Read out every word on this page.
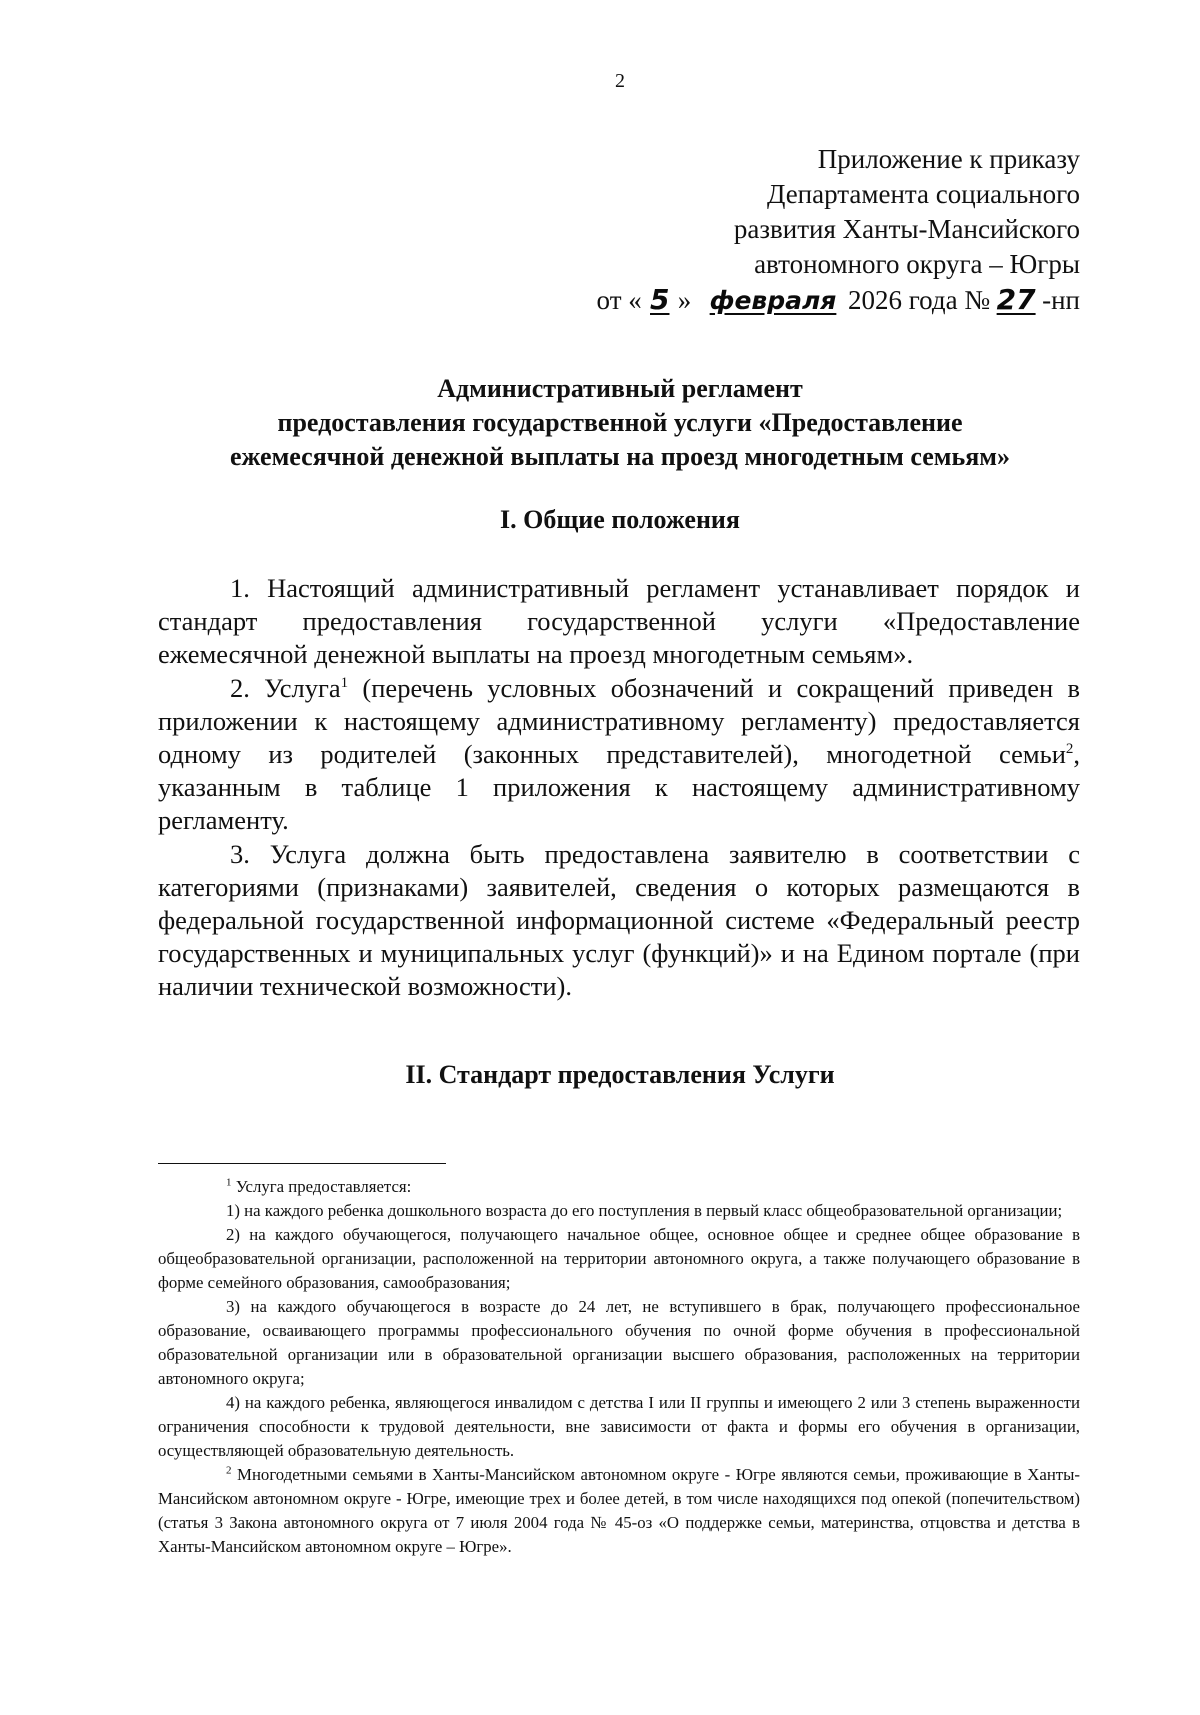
2
Приложение к приказу
Департамента социального
развития Ханты-Мансийского
автономного округа – Югры
от « 5 » февраля 2026 года № 27 -нп
Административный регламент
предоставления государственной услуги «Предоставление
ежемесячной денежной выплаты на проезд многодетным семьям»
I. Общие положения

1. Настоящий административный регламент устанавливает порядок и стандарт предоставления государственной услуги «Предоставление ежемесячной денежной выплаты на проезд многодетным семьям».

2. Услуга$^1$ (перечень условных обозначений и сокращений приведен в приложении к настоящему административному регламенту) предоставляется одному из родителей (законных представителей), многодетной семьи$^2$, указанным в таблице 1 приложения к настоящему административному регламенту.

3. Услуга должна быть предоставлена заявителю в соответствии с категориями (признаками) заявителей, сведения о которых размещаются в федеральной государственной информационной системе «Федеральный реестр государственных и муниципальных услуг (функций)» и на Едином портале (при наличии технической возможности).

II. Стандарт предоставления Услуги

$^1$ Услуга предоставляется:

1) на каждого ребенка дошкольного возраста до его поступления в первый класс общеобразовательной организации;

2) на каждого обучающегося, получающего начальное общее, основное общее и среднее общее образование в общеобразовательной организации, расположенной на территории автономного округа, а также получающего образование в форме семейного образования, самообразования;

3) на каждого обучающегося в возрасте до 24 лет, не вступившего в брак, получающего профессиональное образование, осваивающего программы профессионального обучения по очной форме обучения в профессиональной образовательной организации или в образовательной организации высшего образования, расположенных на территории автономного округа;

4) на каждого ребенка, являющегося инвалидом с детства I или II группы и имеющего 2 или 3 степень выраженности ограничения способности к трудовой деятельности, вне зависимости от факта и формы его обучения в организации, осуществляющей образовательную деятельность.

$^2$ Многодетными семьями в Ханты-Мансийском автономном округе - Югре являются семьи, проживающие в Ханты-Мансийском автономном округе - Югре, имеющие трех и более детей, в том числе находящихся под опекой (попечительством) (статья 3 Закона автономного округа от 7 июля 2004 года № 45-оз «О поддержке семьи, материнства, отцовства и детства в Ханты-Мансийском автономном округе – Югре».
